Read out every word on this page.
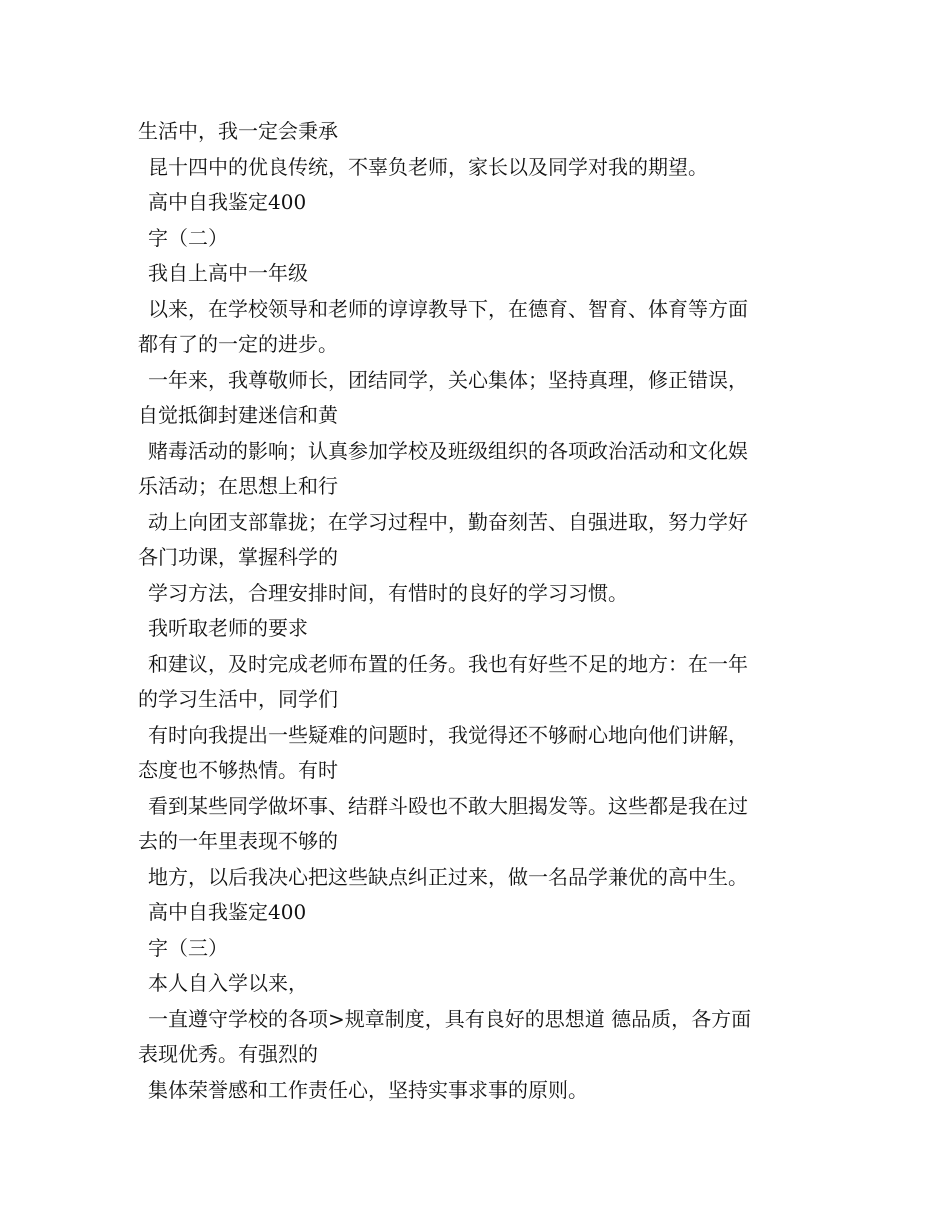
生活中，我一定会秉承
昆十四中的优良传统，不辜负老师，家长以及同学对我的期望。
高中自我鉴定400
字（二）
我自上高中一年级
以来，在学校领导和老师的谆谆教导下，在德育、智育、体育等方面
都有了的一定的进步。
一年来，我尊敬师长，团结同学，关心集体；坚持真理，修正错误，
自觉抵御封建迷信和黄
赌毒活动的影响；认真参加学校及班级组织的各项政治活动和文化娱
乐活动；在思想上和行
动上向团支部靠拢；在学习过程中，勤奋刻苦、自强进取，努力学好
各门功课，掌握科学的
学习方法，合理安排时间，有惜时的良好的学习习惯。
我听取老师的要求
和建议，及时完成老师布置的任务。我也有好些不足的地方：在一年
的学习生活中，同学们
有时向我提出一些疑难的问题时，我觉得还不够耐心地向他们讲解，
态度也不够热情。有时
看到某些同学做坏事、结群斗殴也不敢大胆揭发等。这些都是我在过
去的一年里表现不够的
地方，以后我决心把这些缺点纠正过来，做一名品学兼优的高中生。
高中自我鉴定400
字（三）
本人自入学以来，
一直遵守学校的各项>规章制度，具有良好的思想道 德品质，各方面
表现优秀。有强烈的
集体荣誉感和工作责任心，坚持实事求事的原则。
